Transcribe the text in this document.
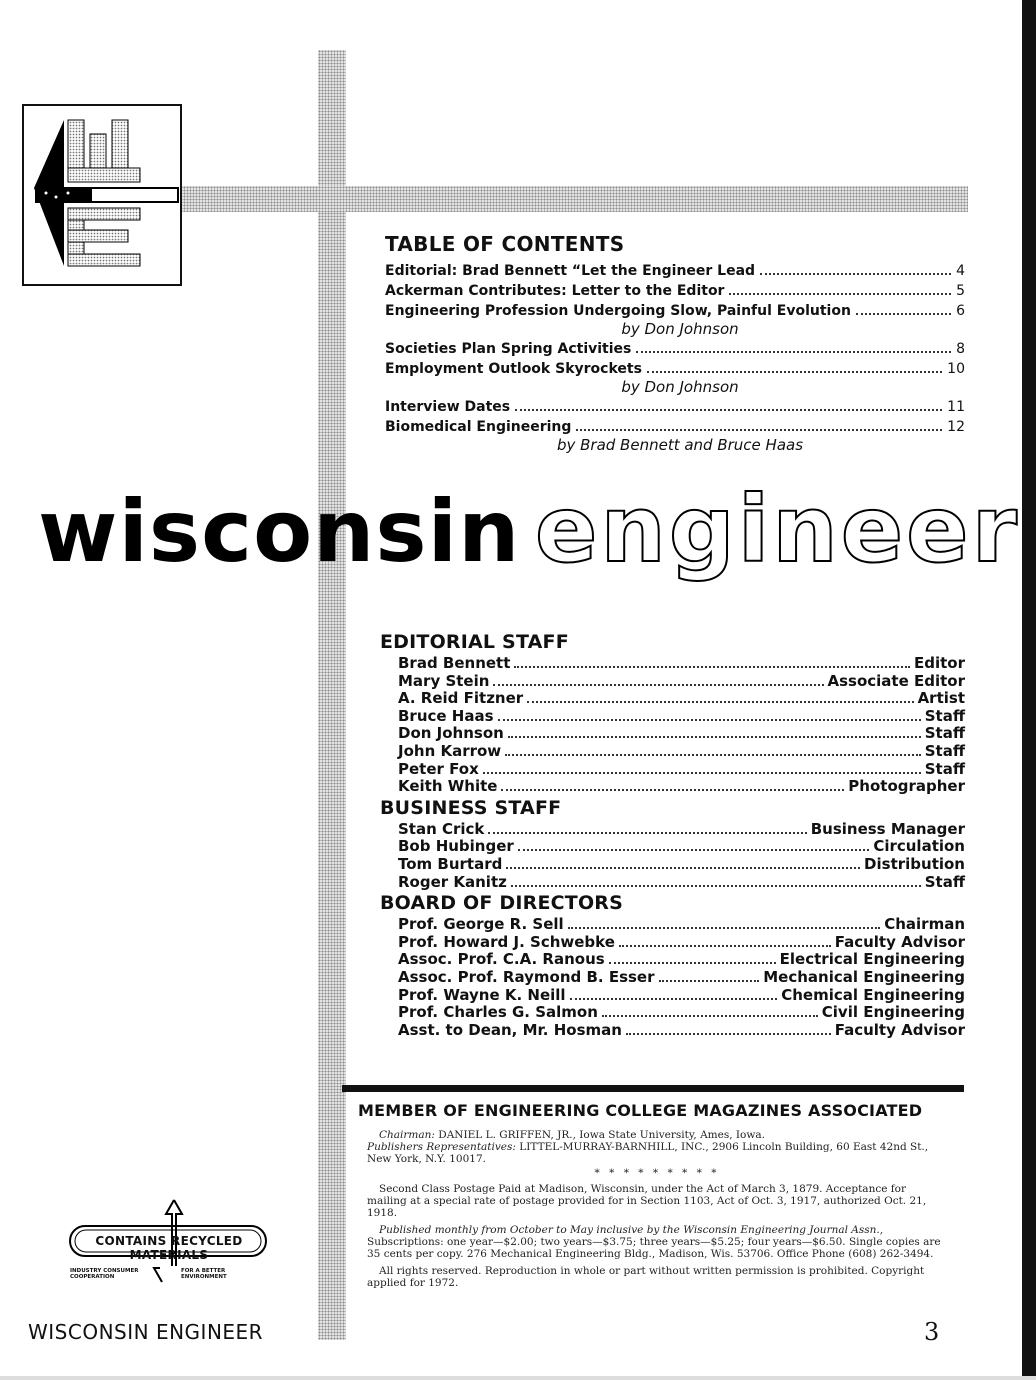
TABLE OF CONTENTS
Editorial: Brad Bennett “Let the Engineer Lead	4
Ackerman Contributes: Letter to the Editor	5
Engineering Profession Undergoing Slow, Painful Evolution	6
by Don Johnson
Societies Plan Spring Activities	8
Employment Outlook Skyrockets	10
by Don Johnson
Interview Dates	11
Biomedical Engineering	12
by Brad Bennett and Bruce Haas
wisconsin engineer
EDITORIAL STAFF
Brad Bennett	Editor
Mary Stein	Associate Editor
A. Reid Fitzner	Artist
Bruce Haas	Staff
Don Johnson	Staff
John Karrow	Staff
Peter Fox	Staff
Keith White	Photographer
BUSINESS STAFF
Stan Crick	Business Manager
Bob Hubinger	Circulation
Tom Burtard	Distribution
Roger Kanitz	Staff
BOARD OF DIRECTORS
Prof. George R. Sell	Chairman
Prof. Howard J. Schwebke	Faculty Advisor
Assoc. Prof. C.A. Ranous	Electrical Engineering
Assoc. Prof. Raymond B. Esser	Mechanical Engineering
Prof. Wayne K. Neill	Chemical Engineering
Prof. Charles G. Salmon	Civil Engineering
Asst. to Dean, Mr. Hosman	Faculty Advisor
MEMBER OF ENGINEERING COLLEGE MAGAZINES ASSOCIATED

Chairman: DANIEL L. GRIFFEN, JR., Iowa State University, Ames, Iowa.
Publishers Representatives: LITTEL-MURRAY-BARNHILL, INC., 2906 Lincoln Building, 60 East 42nd St., New York, N.Y. 10017.

* * * * * * * * *

Second Class Postage Paid at Madison, Wisconsin, under the Act of March 3, 1879. Acceptance for mailing at a special rate of postage provided for in Section 1103, Act of Oct. 3, 1917, authorized Oct. 21, 1918.

Published monthly from October to May inclusive by the Wisconsin Engineering Journal Assn., Subscriptions: one year—$2.00; two years—$3.75; three years—$5.25; four years—$6.50. Single copies are 35 cents per copy. 276 Mechanical Engineering Bldg., Madison, Wis. 53706. Office Phone (608) 262-3494.

All rights reserved. Reproduction in whole or part without written permission is prohibited. Copyright applied for 1972.

CONTAINS RECYCLED MATERIALS
INDUSTRY CONSUMER COOPERATION
FOR A BETTER ENVIRONMENT
WISCONSIN ENGINEER	3
